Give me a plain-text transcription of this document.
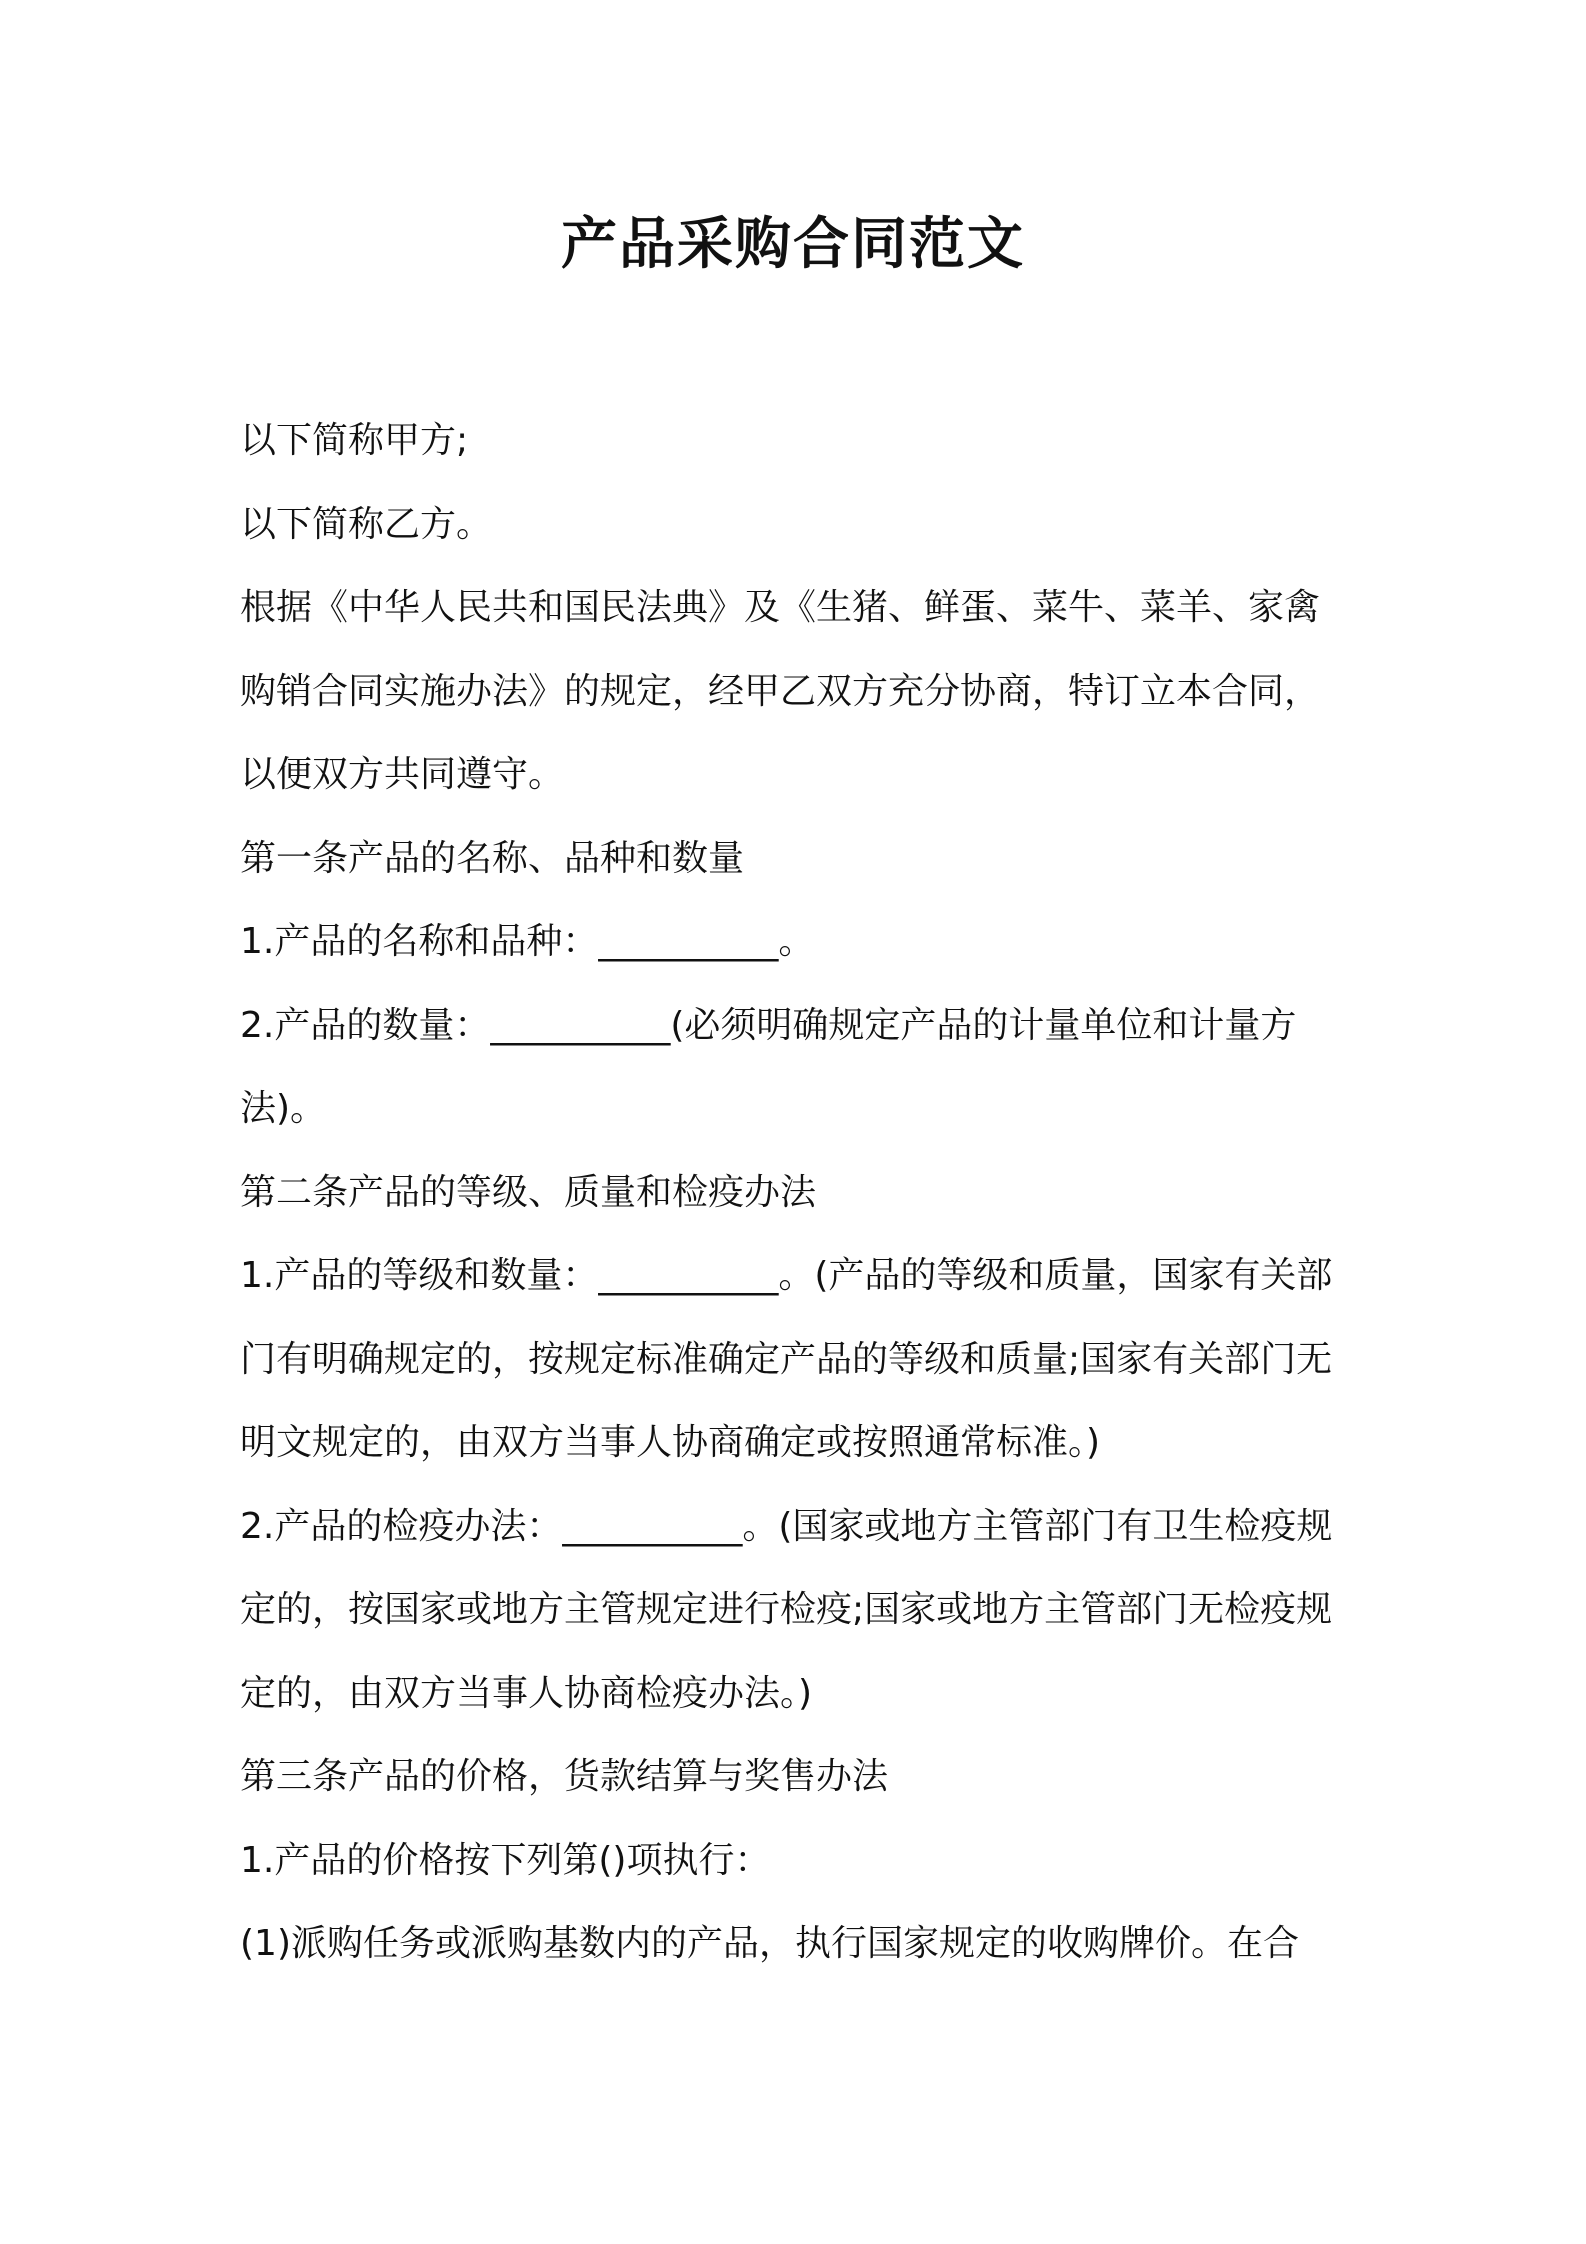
产品采购合同范文

以下简称甲方;

以下简称乙方。

根据《中华人民共和国民法典》及《生猪、鲜蛋、菜牛、菜羊、家禽购销合同实施办法》的规定，经甲乙双方充分协商，特订立本合同，以便双方共同遵守。

第一条产品的名称、品种和数量

1.产品的名称和品种：__________。

2.产品的数量：__________(必须明确规定产品的计量单位和计量方法)。

第二条产品的等级、质量和检疫办法

1.产品的等级和数量：__________。(产品的等级和质量，国家有关部门有明确规定的，按规定标准确定产品的等级和质量;国家有关部门无明文规定的，由双方当事人协商确定或按照通常标准。)

2.产品的检疫办法：__________。(国家或地方主管部门有卫生检疫规定的，按国家或地方主管规定进行检疫;国家或地方主管部门无检疫规定的，由双方当事人协商检疫办法。)

第三条产品的价格，货款结算与奖售办法

1.产品的价格按下列第()项执行：

(1)派购任务或派购基数内的产品，执行国家规定的收购牌价。在合
